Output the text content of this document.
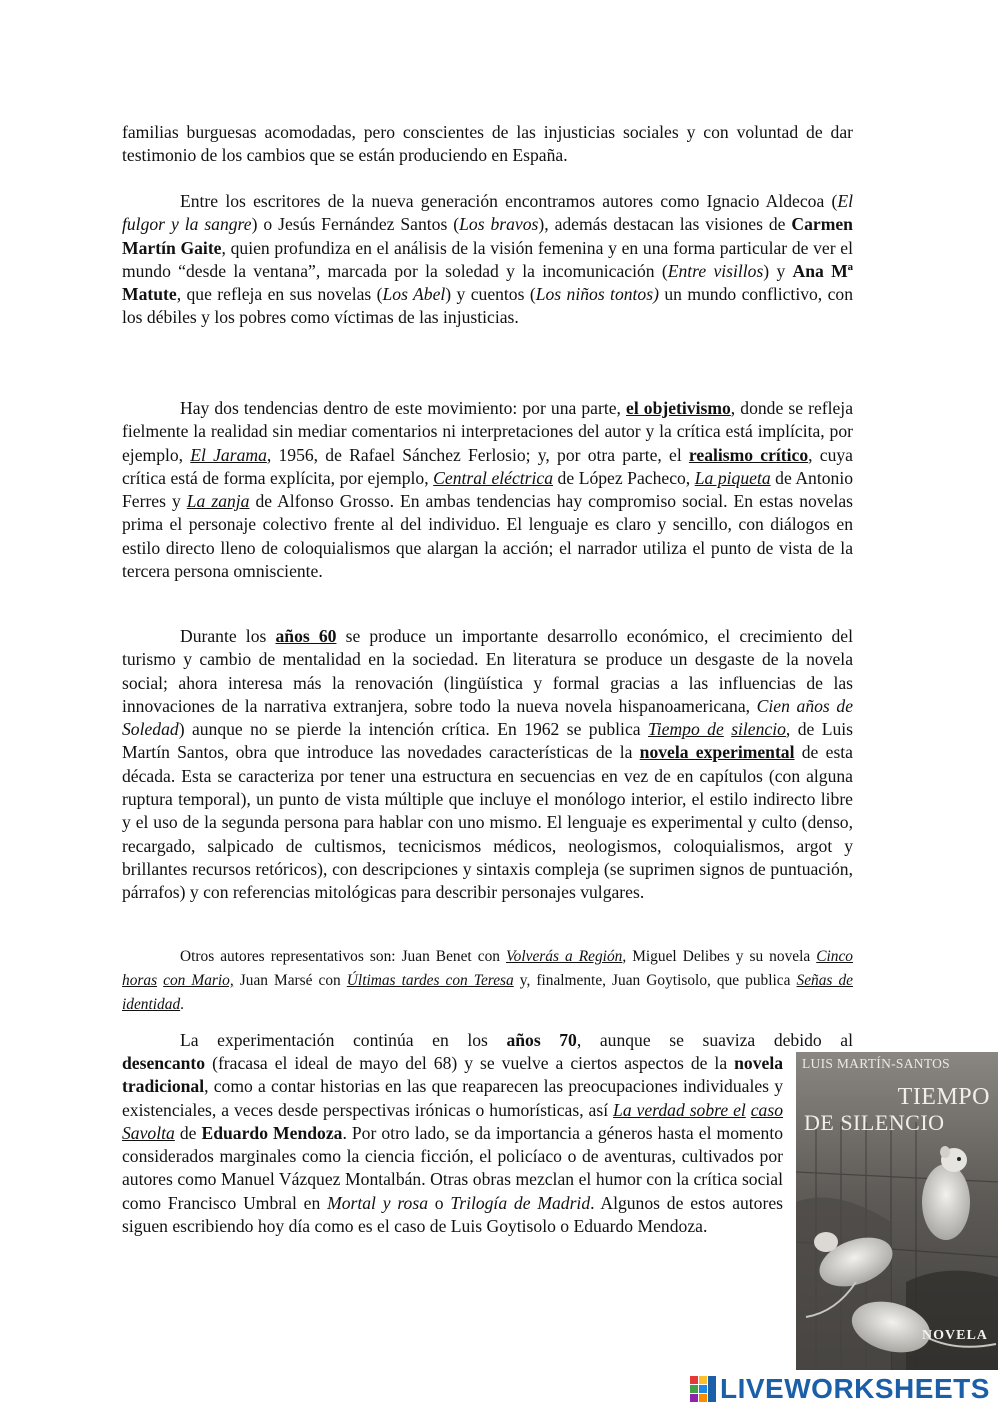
familias burguesas acomodadas, pero conscientes de las injusticias sociales y con voluntad de dar testimonio de los cambios que se están produciendo en España.

Entre los escritores de la nueva generación encontramos autores como Ignacio Aldecoa (El fulgor y la sangre) o Jesús Fernández Santos (Los bravos), además destacan las visiones de Carmen Martín Gaite, quien profundiza en el análisis de la visión femenina y en una forma particular de ver el mundo “desde la ventana”, marcada por la soledad y la incomunicación (Entre visillos) y Ana Mª Matute, que refleja en sus novelas (Los Abel) y cuentos (Los niños tontos) un mundo conflictivo, con los débiles y los pobres como víctimas de las injusticias.

Hay dos tendencias dentro de este movimiento: por una parte, el objetivismo, donde se refleja fielmente la realidad sin mediar comentarios ni interpretaciones del autor y la crítica está implícita, por ejemplo, El Jarama, 1956, de Rafael Sánchez Ferlosio; y, por otra parte, el realismo crítico, cuya crítica está de forma explícita, por ejemplo, Central eléctrica de López Pacheco, La piqueta de Antonio Ferres y La zanja de Alfonso Grosso. En ambas tendencias hay compromiso social. En estas novelas prima el personaje colectivo frente al del individuo. El lenguaje es claro y sencillo, con diálogos en estilo directo lleno de coloquialismos que alargan la acción; el narrador utiliza el punto de vista de la tercera persona omnisciente.

Durante los años 60 se produce un importante desarrollo económico, el crecimiento del turismo y cambio de mentalidad en la sociedad. En literatura se produce un desgaste de la novela social; ahora interesa más la renovación (lingüística y formal gracias a las influencias de las innovaciones de la narrativa extranjera, sobre todo la nueva novela hispanoamericana, Cien años de Soledad) aunque no se pierde la intención crítica. En 1962 se publica Tiempo de silencio, de Luis Martín Santos, obra que introduce las novedades características de la novela experimental de esta década. Esta se caracteriza por tener una estructura en secuencias en vez de en capítulos (con alguna ruptura temporal), un punto de vista múltiple que incluye el monólogo interior, el estilo indirecto libre y el uso de la segunda persona para hablar con uno mismo. El lenguaje es experimental y culto (denso, recargado, salpicado de cultismos, tecnicismos médicos, neologismos, coloquialismos, argot y brillantes recursos retóricos), con descripciones y sintaxis compleja (se suprimen signos de puntuación, párrafos) y con referencias mitológicas para describir personajes vulgares.

Otros autores representativos son: Juan Benet con Volverás a Región, Miguel Delibes y su novela Cinco horas con Mario, Juan Marsé con Últimas tardes con Teresa y, finalmente, Juan Goytisolo, que publica Señas de identidad.

La experimentación continúa en los años 70, aunque se suaviza debido al

desencanto (fracasa el ideal de mayo del 68) y se vuelve a ciertos aspectos de la novela tradicional, como a contar historias en las que reaparecen las preocupaciones individuales y existenciales, a veces desde perspectivas irónicas o humorísticas, así La verdad sobre el caso Savolta de Eduardo Mendoza. Por otro lado, se da importancia a géneros hasta el momento considerados marginales como la ciencia ficción, el policíaco o de aventuras, cultivados por autores como Manuel Vázquez Montalbán. Otras obras mezclan el humor con la crítica social como Francisco Umbral en Mortal y rosa o Trilogía de Madrid. Algunos de estos autores siguen escribiendo hoy día como es el caso de Luis Goytisolo o Eduardo Mendoza.

LUIS MARTÍN-SANTOS
TIEMPO
DE SILENCIO
NOVELA
LIVEWORKSHEETS
